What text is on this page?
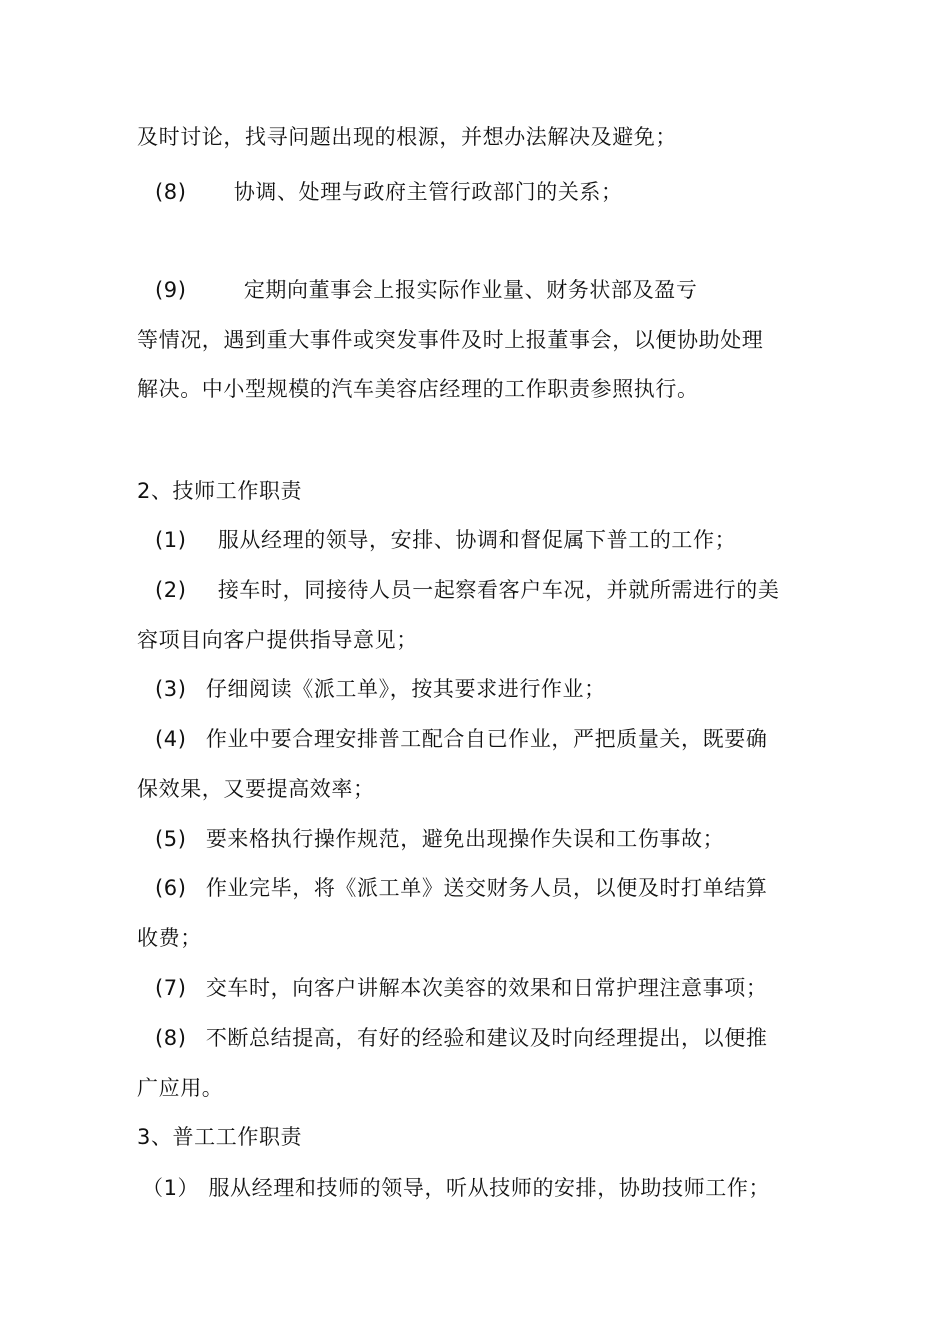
及时讨论，找寻问题出现的根源，并想办法解决及避免；
(8) 协调、处理与政府主管行政部门的关系；
(9)	定期向董事会上报实际作业量、财务状部及盈亏
等情况，遇到重大事件或突发事件及时上报董事会，以便协助处理
解决。中小型规模的汽车美容店经理的工作职责参照执行。
2、技师工作职责
(1) 服从经理的领导，安排、协调和督促属下普工的工作；
(2) 接车时，同接待人员一起察看客户车况，并就所需进行的美
容项目向客户提供指导意见；
(3) 仔细阅读《派工单》，按其要求进行作业；
(4) 作业中要合理安排普工配合自已作业，严把质量关，既要确
保效果，又要提高效率；
(5) 要来格执行操作规范，避免出现操作失误和工伤事故；
(6) 作业完毕，将《派工单》送交财务人员，以便及时打单结算
收费；
(7) 交车时，向客户讲解本次美容的效果和日常护理注意事项；
(8) 不断总结提高，有好的经验和建议及时向经理提出，以便推
广应用。
3、普工工作职责
（1） 服从经理和技师的领导，听从技师的安排，协助技师工作；
